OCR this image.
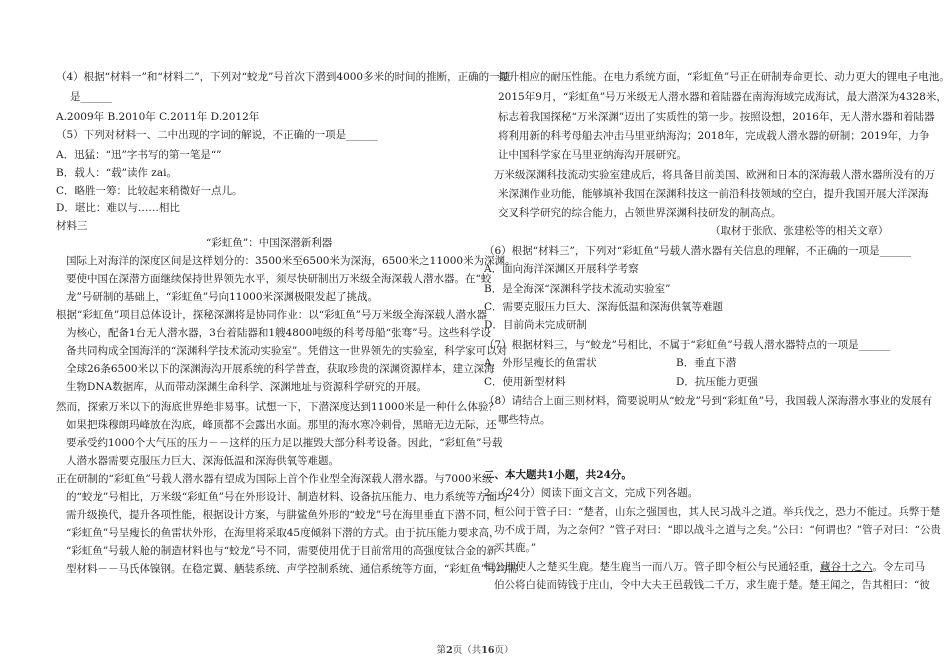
（4）根据“材料一”和“材料二”，下列对“蛟龙”号首次下潜到4000多米的时间的推断，正确的一项
是______
A.2009年 B.2010年 C.2011年 D.2012年
（5）下列对材料一、二中出现的字词的解说，不正确的一项是______
A．迅猛：“迅”字书写的第一笔是“”
B．载人：“载”读作 zai。
C．略胜一筹：比较起来稍微好一点儿。
D．堪比：难以与……相比
材料三
“彩虹鱼”：中国深潜新利器
国际上对海洋的深度区间是这样划分的：3500米至6500米为深海，6500米之11000米为深渊。
要使中国在深潜方面继续保持世界领先水平，须尽快研制出万米级全海深载人潜水器。在“蛟
龙”号研制的基础上，“彩虹鱼”号向11000米深渊极限发起了挑战。
根据“彩虹鱼”项目总体设计，探秘深渊将是协同作业：以“彩虹鱼”号万米级全海深载人潜水器
为核心，配备1台无人潜水器，3台着陆器和1艘4800吨级的科考母船“张骞”号。这些科学设
备共同构成全国海洋的“深渊科学技术流动实验室”。凭借这一世界领先的实验室，科学家可以对
全球26条6500米以下的深渊海沟开展系统的科学普查，获取珍贵的深渊资源样本，建立深海
生物DNA数据库，从而带动深渊生命科学、深渊地址与资源科学研究的开展。
然而，探索万米以下的海底世界绝非易事。试想一下，下潜深度达到11000米是一种什么体验？
如果把珠穆朗玛峰放在沟底，峰顶都不会露出水面。那里的海水寒冷刺骨，黑暗无边无际，还
要承受约1000个大气压的压力－－这样的压力足以摧毁大部分科考设备。因此，“彩虹鱼”号载
人潜水器需要克服压力巨大、深海低温和深海供氧等难题。
正在研制的“彩虹鱼”号载人潜水器有望成为国际上首个作业型全海深载人潜水器。与7000米级
的“蛟龙”号相比，万米级“彩虹鱼”号在外形设计、制造材料、设备抗压能力、电力系统等方面均
需升级换代，提升各项性能，根据设计方案，与肼鲨鱼外形的“蛟龙”号在海里垂直下潜不同，
“彩虹鱼”号呈瘦长的鱼雷状外形，在海里将采取45度倾斜下潜的方式。由于抗压能力要求高，
“彩虹鱼”号载人舱的制造材料也与“蛟龙”号不同，需要使用优于目前常用的高强度钛合金的新
型材料－－马氏体镍钢。在稳定翼、舾装系统、声学控制系统、通信系统等方面，“彩虹鱼”号均需
提升相应的耐压性能。在电力系统方面，“彩虹鱼”号正在研制寿命更长、动力更大的锂电子电池。
2015年9月，“彩虹鱼”号万米级无人潜水器和着陆器在南海海域完成海试，最大潜深为4328米，
标志着我国探秘“万米深渊”迈出了实质性的第一步。按照设想，2016年，无人潜水器和着陆器
将利用新的科考母船去冲击马里亚纳海沟；2018年，完成载人潜水器的研制；2019年，力争
让中国科学家在马里亚纳海沟开展研究。
万米级深渊科技流动实验室建成后，将具备目前美国、欧洲和日本的深海载人潜水器所没有的万
米深渊作业功能，能够填补我国在深渊科技这一前沿科技领域的空白，提升我国开展大洋深海
交叉科学研究的综合能力，占领世界深渊科技研发的制高点。
（取材于张欣、张建松等的相关文章）
（6）根据“材料三”，下列对“彩虹鱼”号载人潜水器有关信息的理解，不正确的一项是______
A．面向海洋深渊区开展科学考察
B．是全海深“深渊科学技术流动实验室”
C．需要克服压力巨大、深海低温和深海供氧等难题
D．目前尚未完成研制
（7）根据材料三，与“蛟龙”号相比，不属于“彩虹鱼”号载人潜水器特点的一项是______
A．外形呈瘦长的鱼雷状	B．垂直下潜
C．使用新型材料	D．抗压能力更强
（8）请结合上面三则材料，简要说明从“蛟龙”号到“彩虹鱼”号，我国载人深海潜水事业的发展有
哪些特点。
二、本大题共1小题，共24分。
2．（24分）阅读下面文言文，完成下列各题。
桓公问于管子曰：“楚者，山东之强国也，其人民习战斗之道。举兵伐之，恐力不能过。兵弊于楚
功不成于周，为之奈何？”管子对曰：“即以战斗之道与之矣。”公曰：“何谓也？”管子对曰：“公贵
买其鹿。”
桓公即使人之楚买生鹿。楚生鹿当一而八万。管子即令桓公与民通轻重，藏谷十之六。令左司马
伯公将白徒而铸钱于庄山，令中大夫王邑载钱二千万，求生鹿于楚。楚王闻之，告其相曰：“彼
第2页（共16页）
